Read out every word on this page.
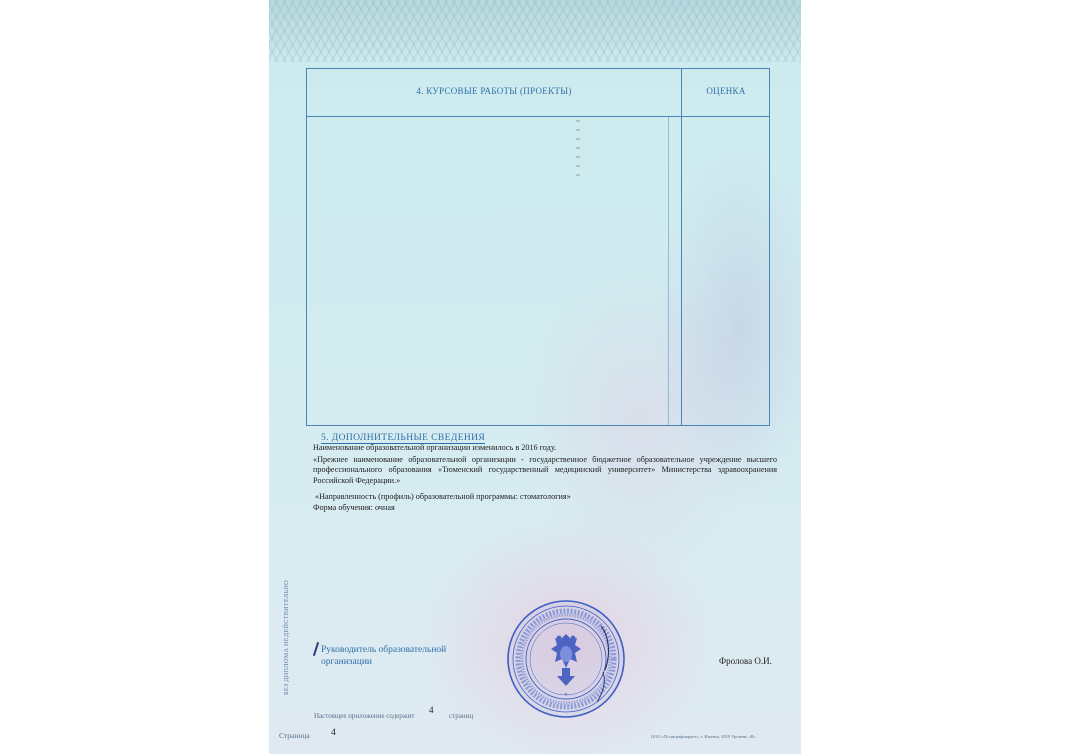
4. КУРСОВЫЕ РАБОТЫ (ПРОЕКТЫ)	ОЦЕНКА
5. ДОПОЛНИТЕЛЬНЫЕ СВЕДЕНИЯ

Наименование образовательной организации изменилось в 2016 году.

«Прежнее наименование образовательной организации - государственное бюджетное образовательное учреждение высшего профессионального образования «Тюменский государственный медицинский университет» Министерства здравоохранения Российской Федерации.»

«Направленность (профиль) образовательной программы: стоматология»

Форма обучения: очная

БЕЗ ДИПЛОМА НЕДЕЙСТВИТЕЛЬНО	Руководитель образовательной
организации
⋆
Фролова О.И.
Настоящее приложение содержит
4
страниц
Страница 4	ООО «Полиграфмаркет», г. Ижевск, 2019 Уровень «В»
